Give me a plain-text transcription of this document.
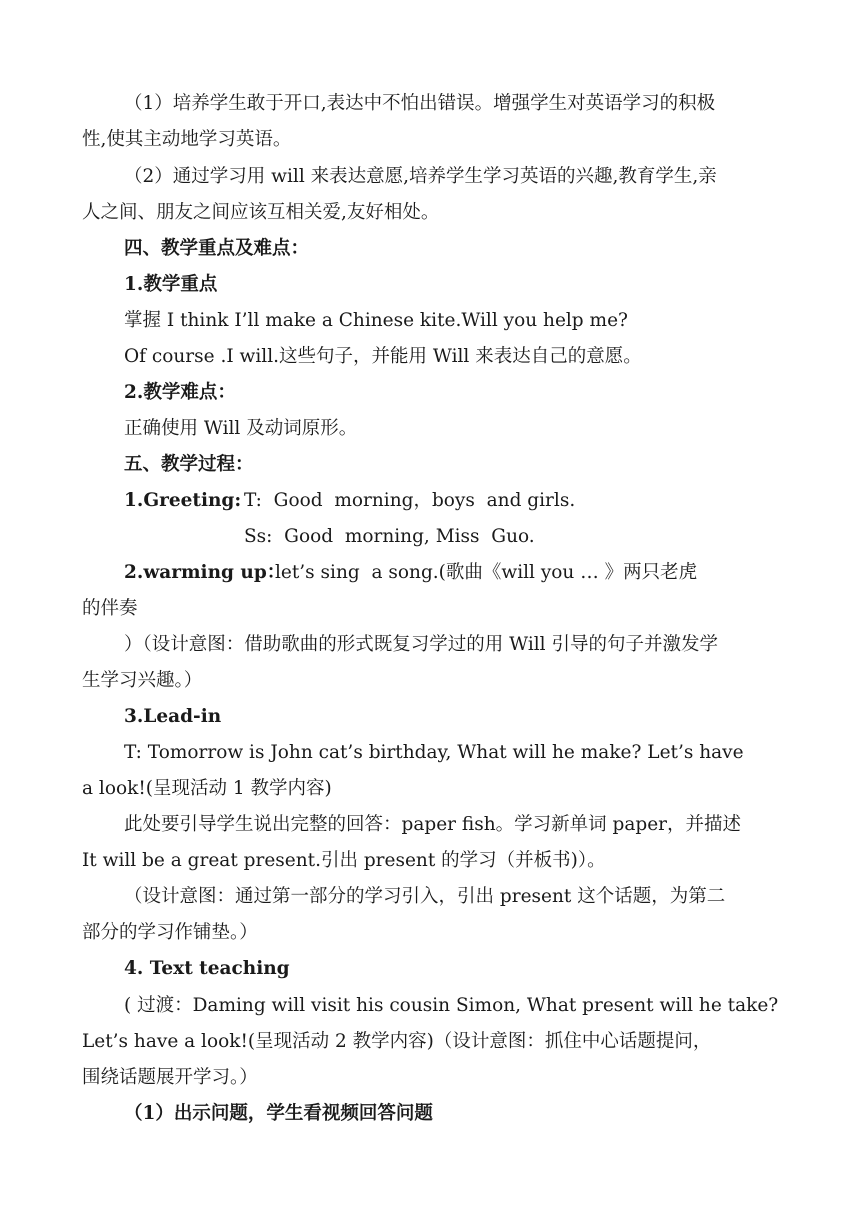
（1）培养学生敢于开口,表达中不怕出错误。增强学生对英语学习的积极
性,使其主动地学习英语。
（2）通过学习用 will 来表达意愿,培养学生学习英语的兴趣,教育学生,亲
人之间、朋友之间应该互相关爱,友好相处。
四、教学重点及难点：
1.教学重点
掌握 I think I’ll make a Chinese kite.Will you help me?
Of course .I will.这些句子，并能用 Will 来表达自己的意愿。
2.教学难点：
正确使用 Will 及动词原形。
五、教学过程：
1.Greeting: T:  Good  morning，boys  and girls.
Ss:  Good  morning, Miss  Guo.
2.warming up：
let’s sing  a song.(歌曲《will you … 》两只老虎
的伴奏
）（设计意图：借助歌曲的形式既复习学过的用 Will 引导的句子并激发学
生学习兴趣。）
3.Lead-in
T: Tomorrow is John cat’s birthday, What will he make? Let’s have
a look!(呈现活动 1 教学内容)
此处要引导学生说出完整的回答：paper fish。学习新单词 paper，并描述
It will be a great present.引出 present 的学习（并板书)）。
（设计意图：通过第一部分的学习引入，引出 present 这个话题，为第二
部分的学习作铺垫。）
4. Text teaching
( 过渡：Daming will visit his cousin Simon, What present will he take?
Let’s have a look!(呈现活动 2 教学内容)（设计意图：抓住中心话题提问，
围绕话题展开学习。）
（1）出示问题，学生看视频回答问题
